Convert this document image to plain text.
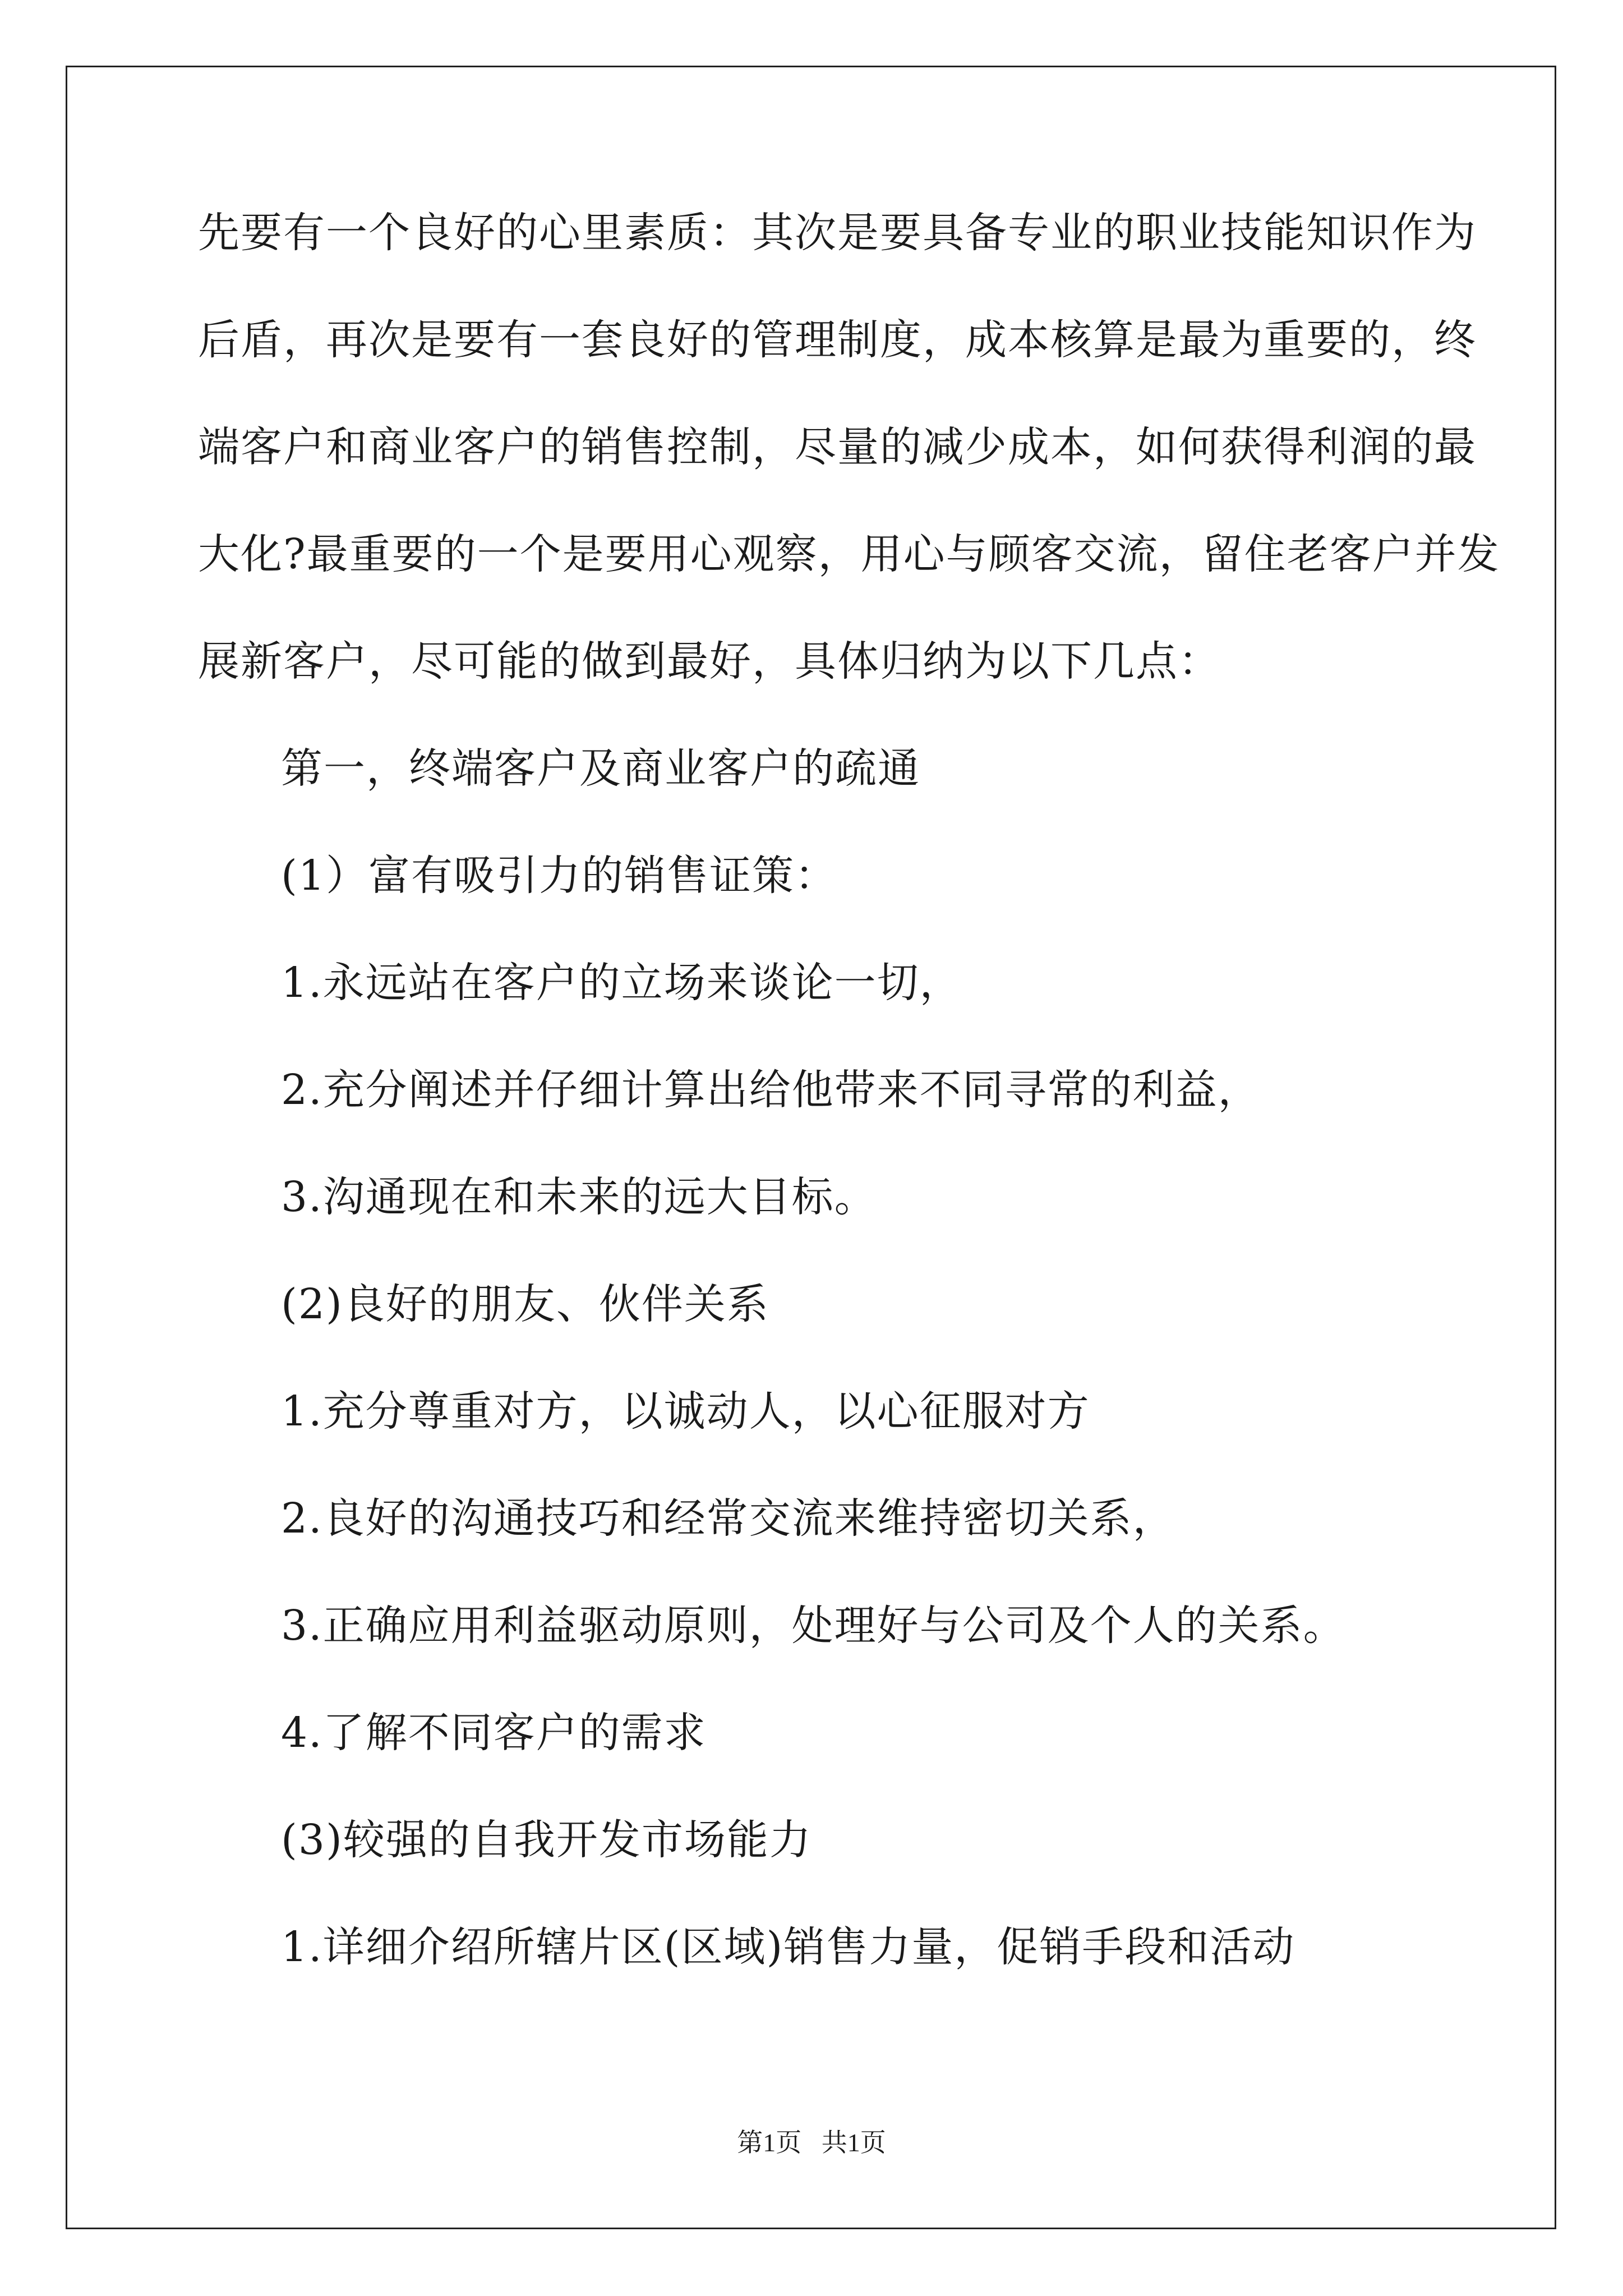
先要有一个良好的心里素质：其次是要具备专业的职业技能知识作为
后盾，再次是要有一套良好的管理制度，成本核算是最为重要的，终
端客户和商业客户的销售控制，尽量的减少成本，如何获得利润的最
大化?最重要的一个是要用心观察，用心与顾客交流，留住老客户并发
展新客户，尽可能的做到最好，具体归纳为以下几点：
第一，终端客户及商业客户的疏通
(1）富有吸引力的销售证策：
1.永远站在客户的立场来谈论一切，
2.充分阐述并仔细计算出给他带来不同寻常的利益，
3.沟通现在和未来的远大目标。
(2)良好的朋友、伙伴关系
1.充分尊重对方，以诚动人，以心征服对方
2.良好的沟通技巧和经常交流来维持密切关系，
3.正确应用利益驱动原则，处理好与公司及个人的关系。
4.了解不同客户的需求
(3)较强的自我开发市场能力
1.详细介绍所辖片区(区域)销售力量，促销手段和活动
第1页 共1页
